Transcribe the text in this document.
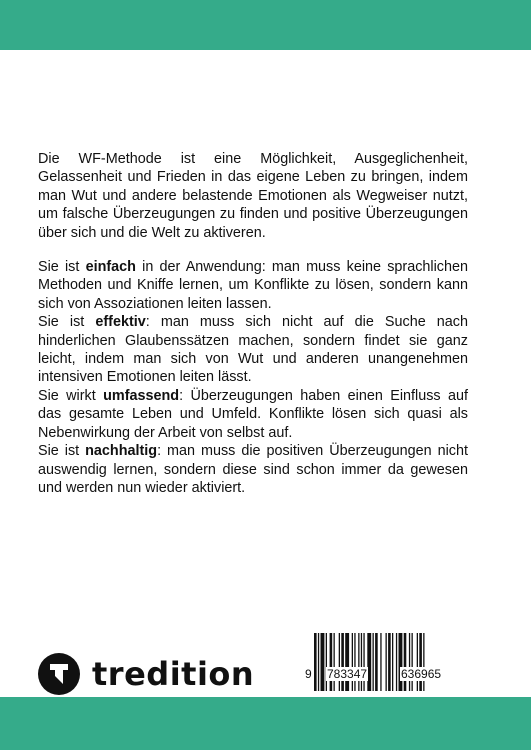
Die WF-Methode ist eine Möglichkeit, Ausgeglichenheit, Gelassenheit und Frieden in das eigene Leben zu bringen, indem man Wut und andere belastende Emotionen als Wegweiser nutzt, um falsche Überzeugungen zu finden und positive Überzeugungen über sich und die Welt zu aktiveren.

Sie ist einfach in der Anwendung: man muss keine sprachlichen Methoden und Kniffe lernen, um Konflikte zu lösen, sondern kann sich von Assoziationen leiten lassen.

Sie ist effektiv: man muss sich nicht auf die Suche nach hinderlichen Glaubenssätzen machen, sondern findet sie ganz leicht, indem man sich von Wut und anderen unangenehmen intensiven Emotionen leiten lässt.

Sie wirkt umfassend: Überzeugungen haben einen Einfluss auf das gesamte Leben und Umfeld. Konflikte lösen sich quasi als Nebenwirkung der Arbeit von selbst auf.

Sie ist nachhaltig: man muss die positiven Überzeugungen nicht auswendig lernen, sondern diese sind schon immer da gewesen und werden nun wieder aktiviert.

tredition	9 783347	636965
